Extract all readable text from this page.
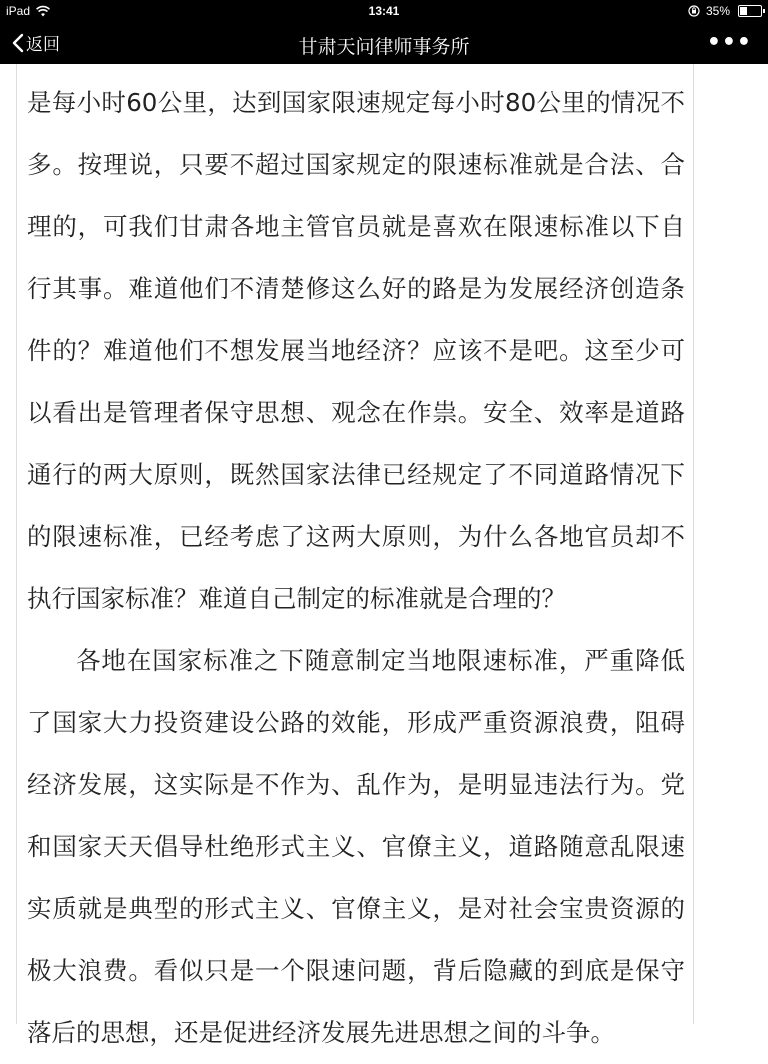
iPad	13:41	35%
返回	甘肃天问律师事务所	•••

是每小时60公里，达到国家限速规定每小时80公里的情况不多。按理说，只要不超过国家规定的限速标准就是合法、合理的，可我们甘肃各地主管官员就是喜欢在限速标准以下自行其事。难道他们不清楚修这么好的路是为发展经济创造条件的？难道他们不想发展当地经济？应该不是吧。这至少可以看出是管理者保守思想、观念在作祟。安全、效率是道路通行的两大原则，既然国家法律已经规定了不同道路情况下的限速标准，已经考虑了这两大原则，为什么各地官员却不执行国家标准？难道自己制定的标准就是合理的？

各地在国家标准之下随意制定当地限速标准，严重降低了国家大力投资建设公路的效能，形成严重资源浪费，阻碍经济发展，这实际是不作为、乱作为，是明显违法行为。党和国家天天倡导杜绝形式主义、官僚主义，道路随意乱限速实质就是典型的形式主义、官僚主义，是对社会宝贵资源的极大浪费。看似只是一个限速问题，背后隐藏的到底是保守落后的思想，还是促进经济发展先进思想之间的斗争。
